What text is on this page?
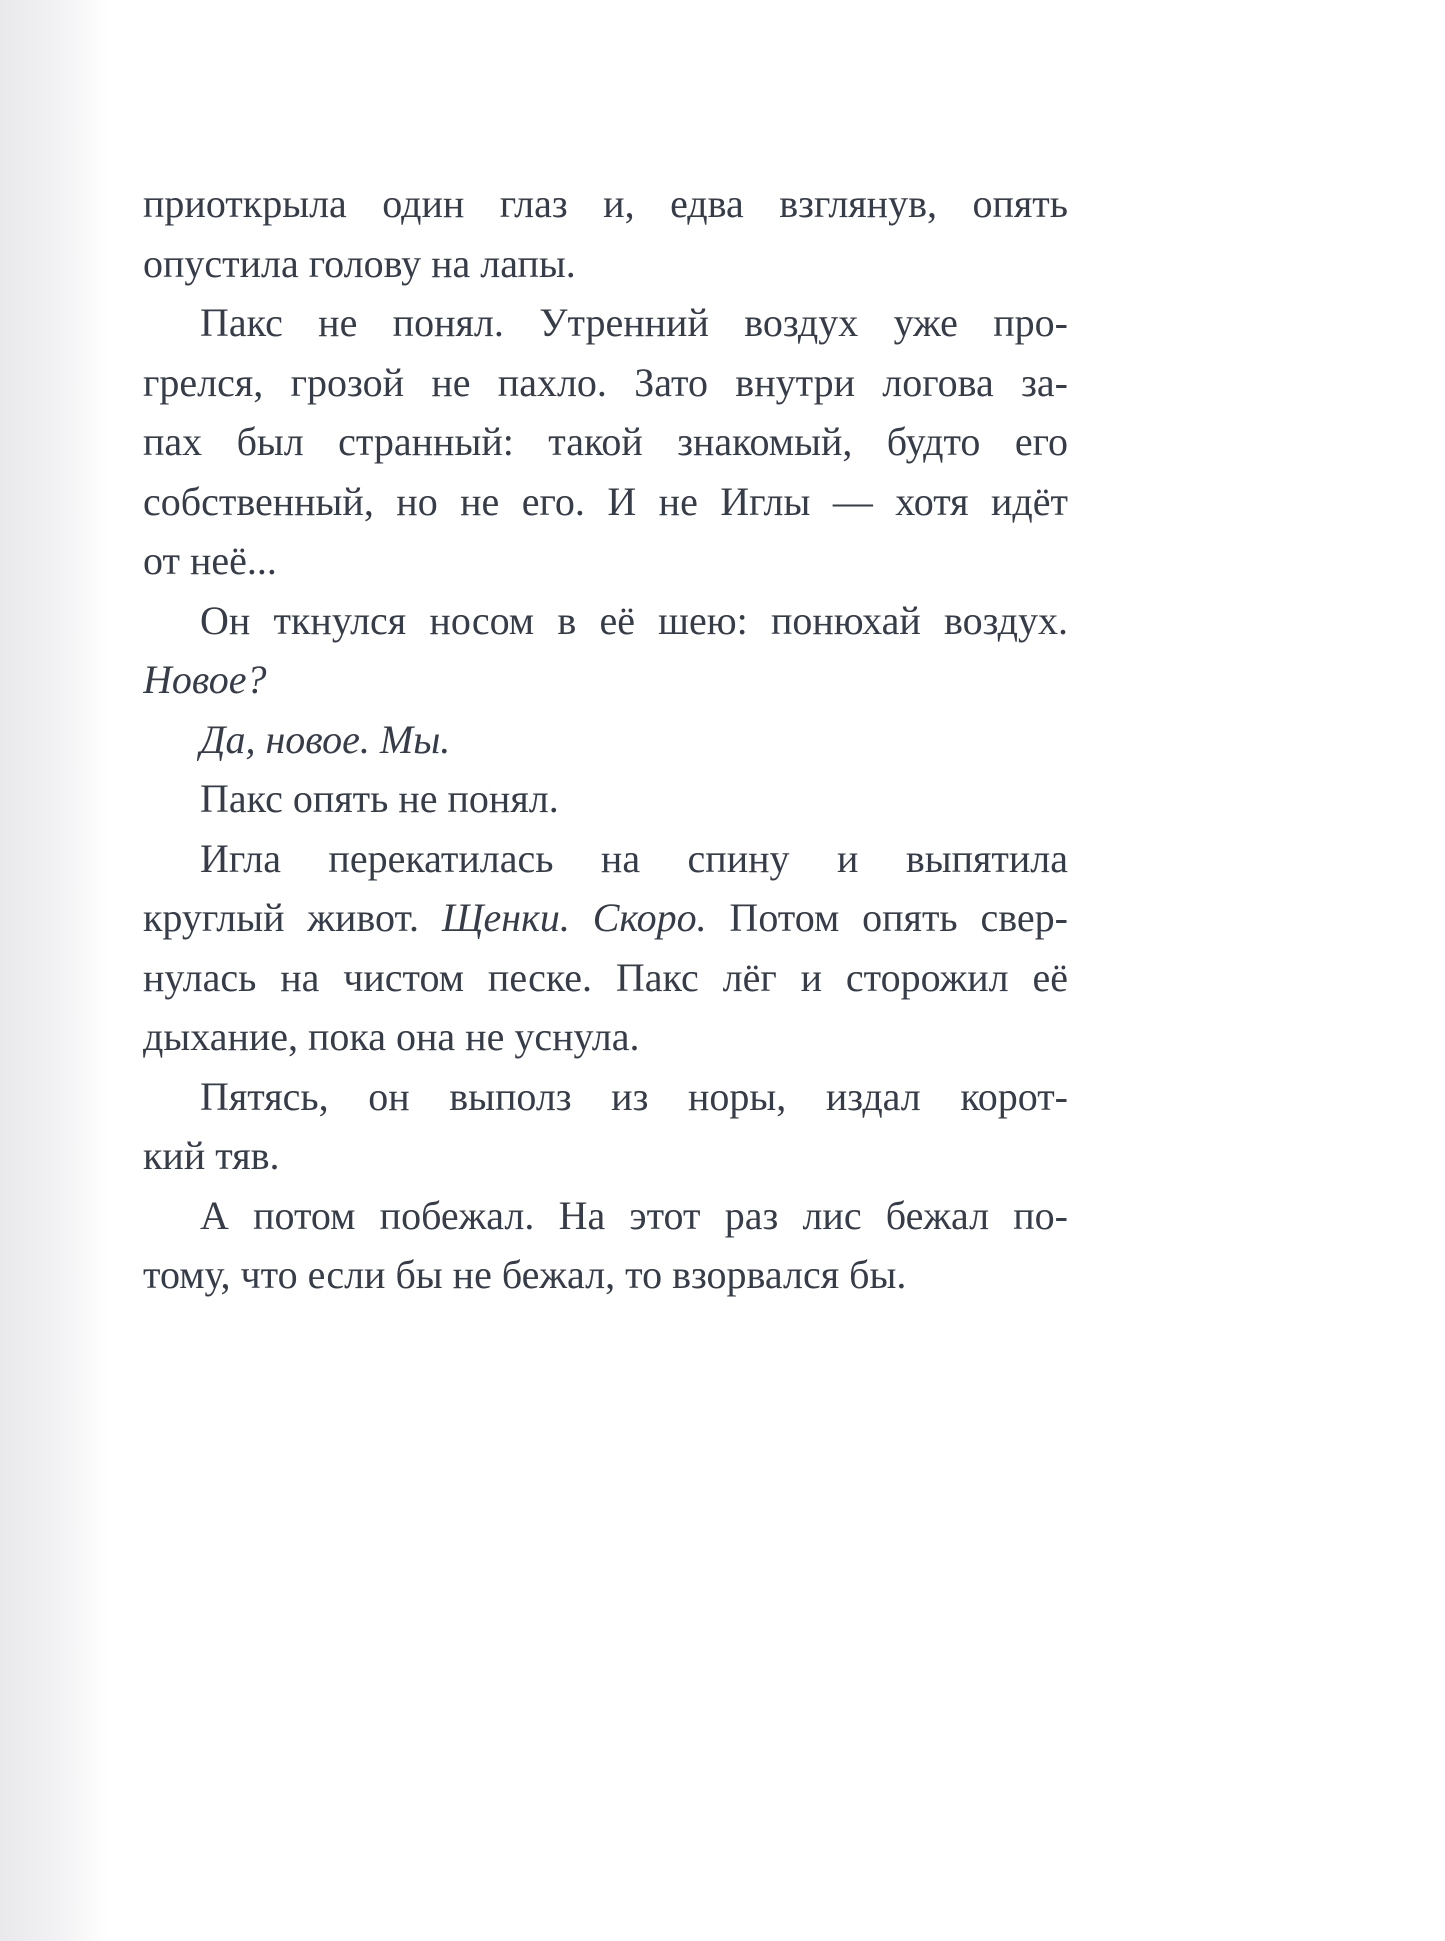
приоткрыла один глаз и, едва взглянув, опять
опустила голову на лапы.
Пакс не понял. Утренний воздух уже про-
грелся, грозой не пахло. Зато внутри логова за-
пах был странный: такой знакомый, будто его
собственный, но не его. И не Иглы — хотя идёт
от неё...
Он ткнулся носом в её шею: понюхай воздух.
Новое?
Да, новое. Мы.
Пакс опять не понял.
Игла перекатилась на спину и выпятила
круглый живот. Щенки. Скоро. Потом опять свер-
нулась на чистом песке. Пакс лёг и сторожил её
дыхание, пока она не уснула.
Пятясь, он выполз из норы, издал корот-
кий тяв.
А потом побежал. На этот раз лис бежал по-
тому, что если бы не бежал, то взорвался бы.
